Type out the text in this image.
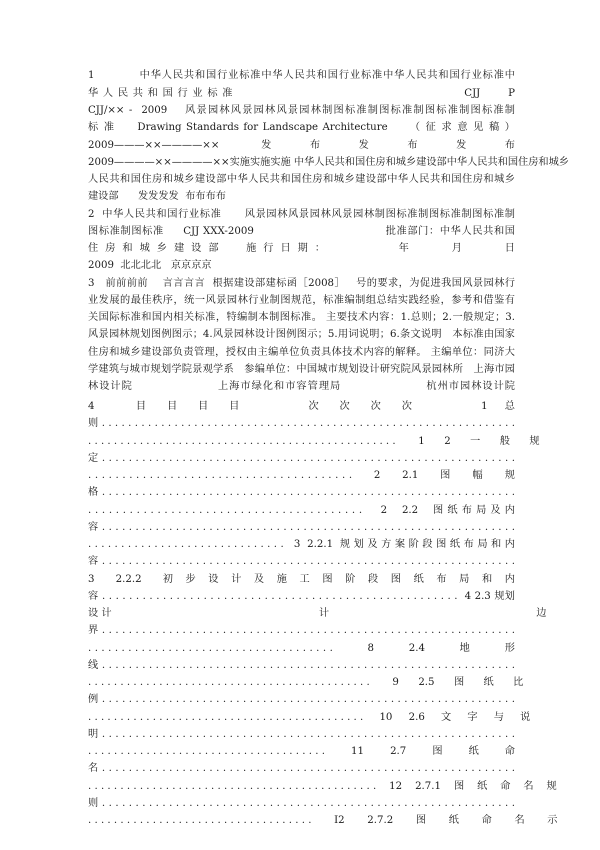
1　　　　中华人民共和国行业标准中华人民共和国行业标准中华人民共和国行业标准中
华 人 民 共 和 国 行 业 标 准                                                          CJJ       P
CJJ/×× -  2009    风景园林风景园林风景园林制图标准制图标准制图标准制图标准制
标 准     Drawing Standards for Landscape Architecture     （ 征 求 意 见 稿 ）
2009———××————××      发     布     发     布     发     布
2009————××————××实施实施实施 中华人民共和国住房和城乡建设部中华人民共和国住房和城乡
人民共和国住房和城乡建设部中华人民共和国住房和城乡建设部中华人民共和国住房和城乡
建设部      发发发发  布布布布
2  中华人民共和国行业标准      风景园林风景园林风景园林制图标准制图标准制图标准制
图标准制图标准     CJJ XXX-2009                                  批准部门：中华人民共和国
住 房 和 城 乡 建 设 部     施 行 日 期 ：              年        月        日
2009  北北北北   京京京京
3   前前前前    言言言言  根据建设部建标函［2008］   号的要求，为促进我国风景园林行
业发展的最佳秩序，统一风景园林行业制图规范，标准编制组总结实践经验，参考和借鉴有
关国际标准和国内相关标准，特编制本制图标准。 主要技术内容：1.总则；2.一般规定；3.
风景园林规划图例图示；4.风景园林设计图例图示；5.用词说明；6.条文说明   本标准由国家
住房和城乡建设部负责管理，授权由主编单位负责具体技术内容的解释。 主编单位：同济大
学建筑与城市规划学院景观学系   参编单位：中国城市规划设计研究院风景园林所   上海市园
林设计院                    上海市绿化和市容管理局                    杭州市园林设计院
4            目      目      目      目                    次      次      次      次                    1     总
则 . . . . . . . . . . . . . . . . . . . . . . . . . . . . . . . . . . . . . . . . . . . . . . . . . . . . . . . . . . . . . . .
. . . . . . . . . . . . . . . . . . . . . . . . . . . . . . . . . . . . . . . . . . . . . . . .       1      2      一      般      规
定 . . . . . . . . . . . . . . . . . . . . . . . . . . . . . . . . . . . . . . . . . . . . . . . . . . . . . . . . . . . . . .
. . . . . . . . . . . . . . . . . . . . . . . . . . . . . . . . . . . . . . .      2      2.1      图      幅      规
格 . . . . . . . . . . . . . . . . . . . . . . . . . . . . . . . . . . . . . . . . . . . . . . . . . . . . . . . . . . . . . .
. . . . . . . . . . . . . . . . . . . . . . . . . . . . . . . . . . . . . . . .     2    2.2    图 纸 布 局 及 内
容 . . . . . . . . . . . . . . . . . . . . . . . . . . . . . . . . . . . . . . . . . . . . . . . . . . . . . . . . . . . . . .
. . . . . . . . . . . . . . . . . . . . . . . . . . . . . .   3  2.2.1  规 划 及 方 案 阶 段 图 纸 布 局 和 内
容 . . . . . . . . . . . . . . . . . . . . . . . . . . . . . . . . . . . . . . . . . . . . . . . . . . . . . . . . . . . . . .
3    2.2.2    初  步  设  计  及  施  工  图  阶  段  图  纸  布  局  和  内
容 . . . . . . . . . . . . . . . . . . . . . . . . . . . . . . . . . . . . . . . . . . . . . . . . . . . . .  4 2.3 规划
设 计                                                                计                                                                边
界 . . . . . . . . . . . . . . . . . . . . . . . . . . . . . . . . . . . . . . . . . . . . . . . . . . . . . . . . . . . . . .
. . . . . . . . . . . . . . . . . . . . . . . . . . . . . . . . . . . . .          8          2.4          地          形
线 . . . . . . . . . . . . . . . . . . . . . . . . . . . . . . . . . . . . . . . . . . . . . . . . . . . . . . . . . . . . . .
. . . . . . . . . . . . . . . . . . . . . . . . . . . . . . . . . . . . . . . . . . . .       9      2.5      图      纸      比
例 . . . . . . . . . . . . . . . . . . . . . . . . . . . . . . . . . . . . . . . . . . . . . . . . . . . . . . . . . . . . . .
. . . . . . . . . . . . . . . . . . . . . . . . . . . . . . . . . . . . . . . . . . .     10     2.6     文     字     与     说
明 . . . . . . . . . . . . . . . . . . . . . . . . . . . . . . . . . . . . . . . . . . . . . . . . . . . . . . . . . . . . . .
. . . . . . . . . . . . . . . . . . . . . . . . . . . . . . . . . . . . .        11        2.7        图        纸        命
名 . . . . . . . . . . . . . . . . . . . . . . . . . . . . . . . . . . . . . . . . . . . . . . . . . . . . . . . . . . . . . .
. . . . . . . . . . . . . . . . . . . . . . . . . . . . . . . . . . . . . . . . . . . . .    12    2.7.1    图    纸    命    名    规
则 . . . . . . . . . . . . . . . . . . . . . . . . . . . . . . . . . . . . . . . . . . . . . . . . . . . . . . . . . . . . . .
. . . . . . . . . . . . . . . . . . . . . . . . . . . . . . . . . . .       I2       2.7.2       图       纸       命       名       示
